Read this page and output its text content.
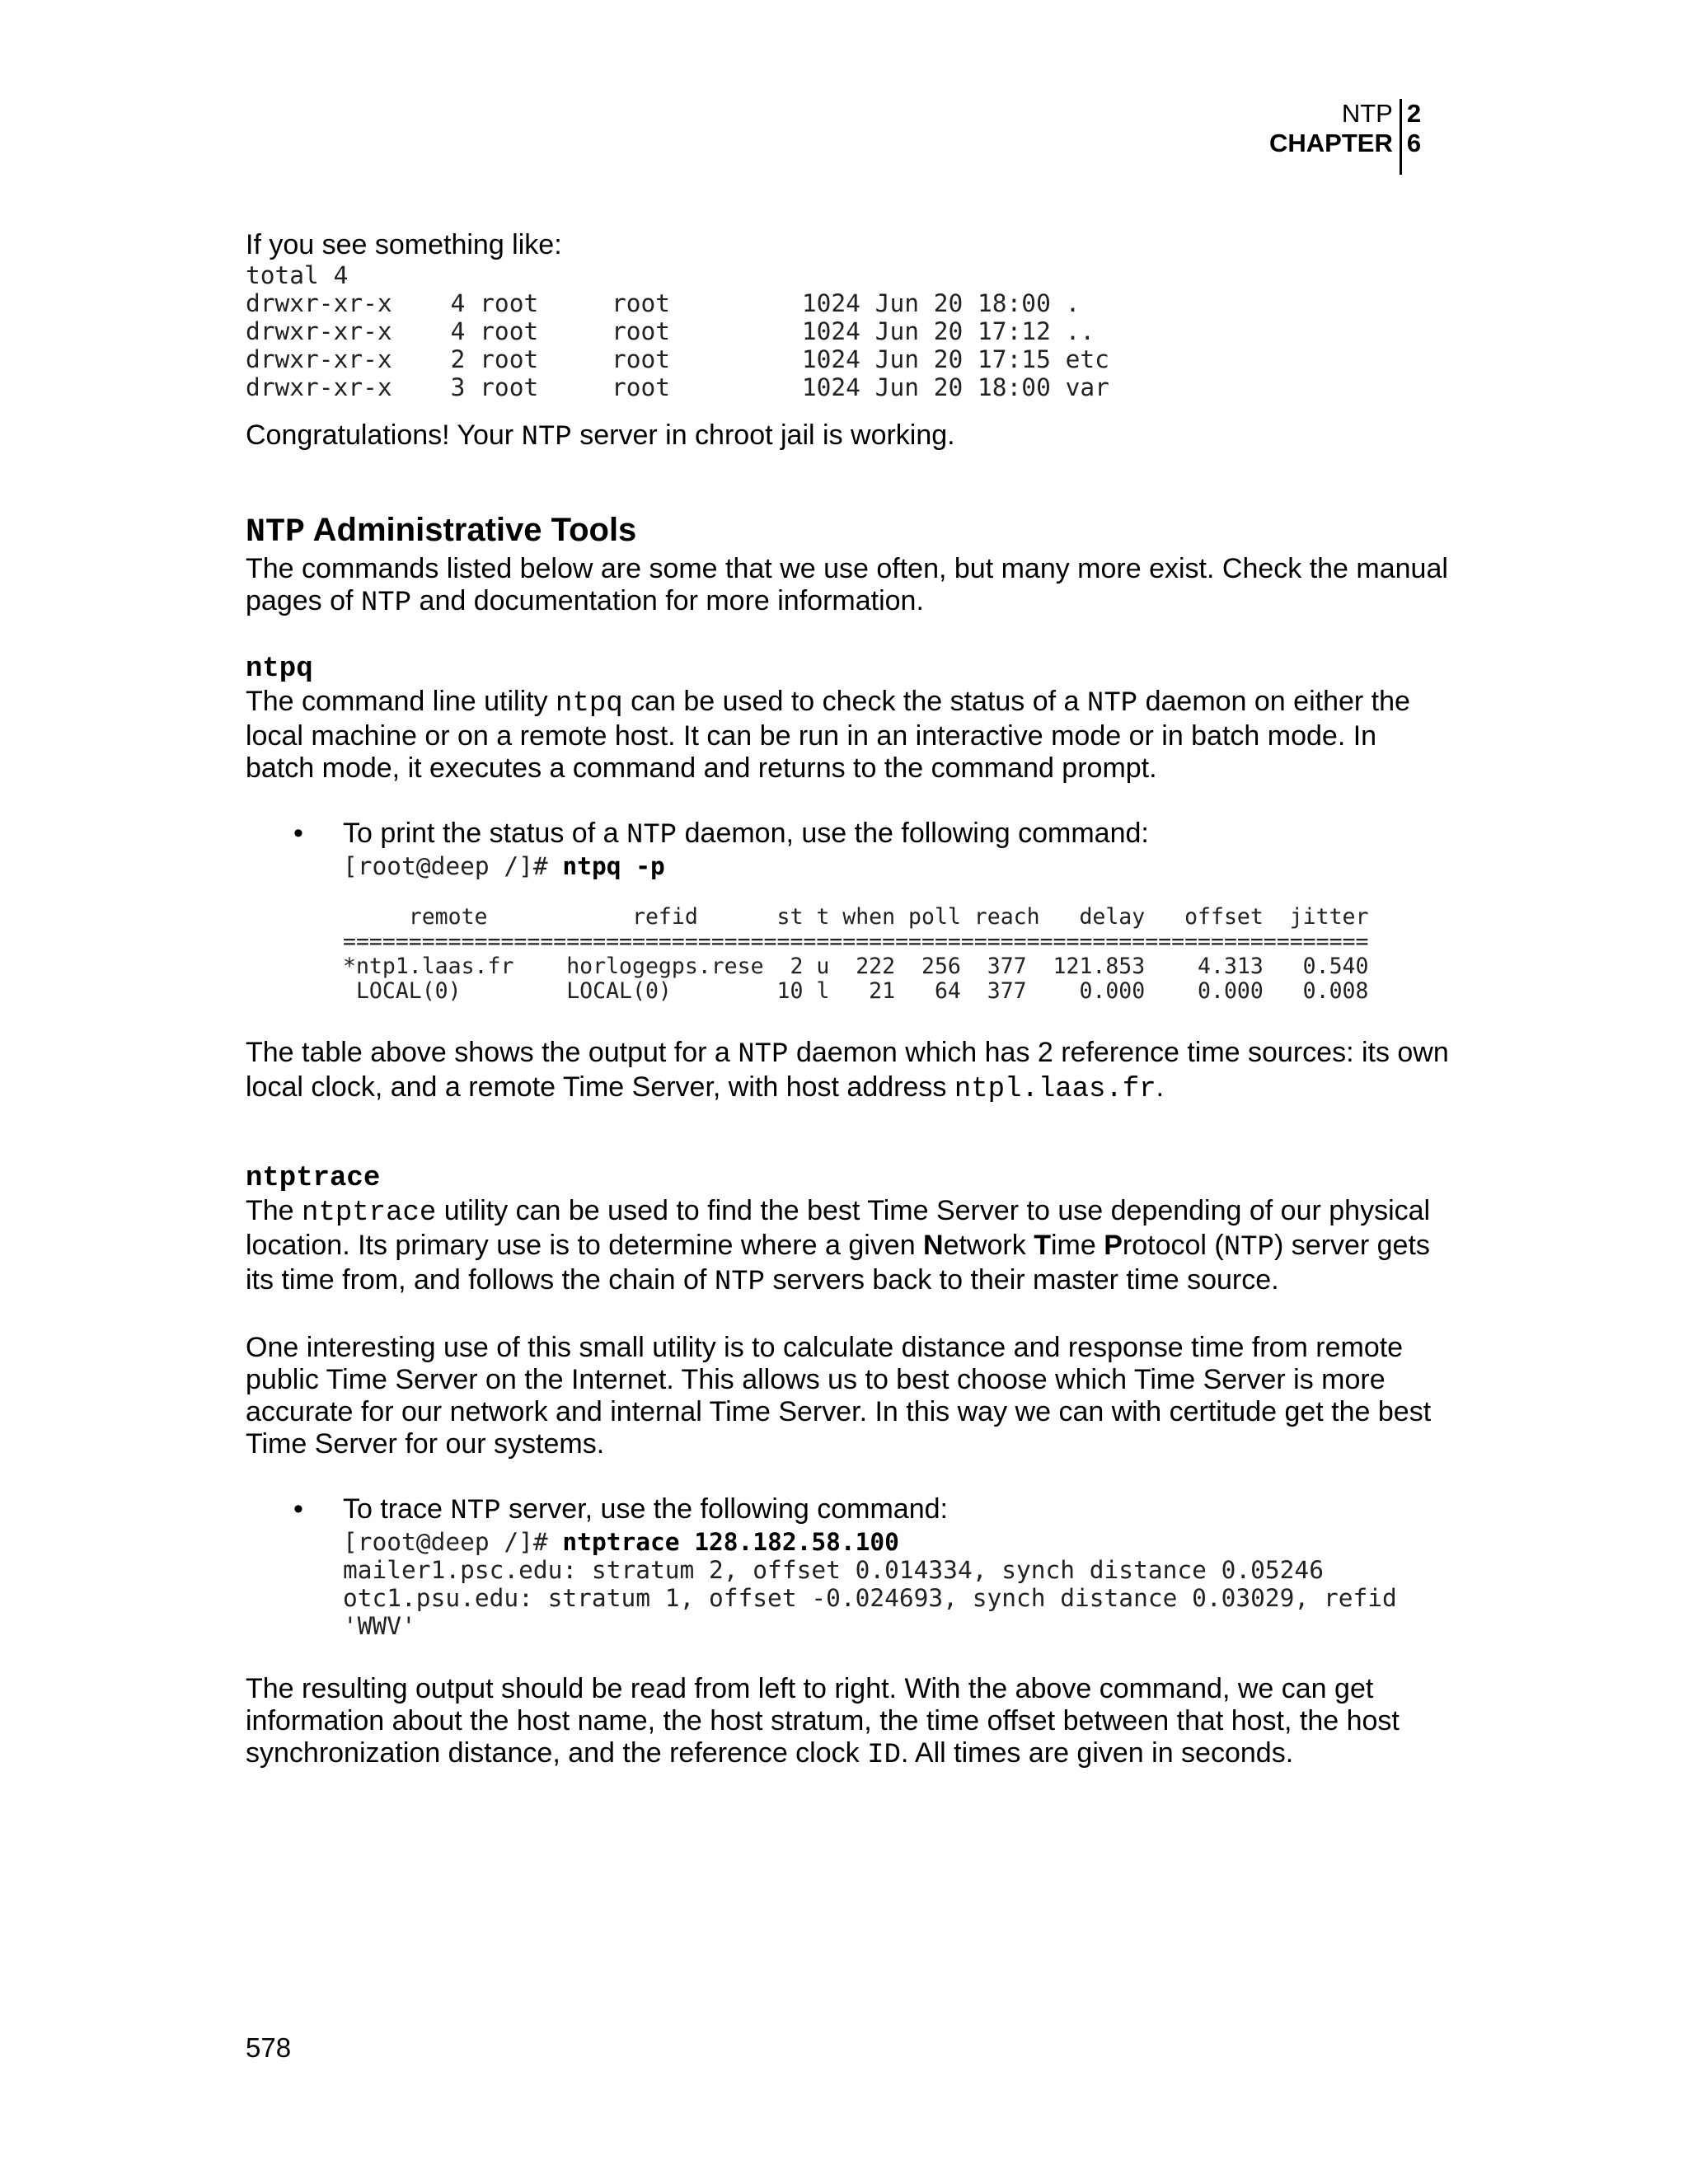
NTP
CHAPTER
2
6

If you see something like:

total 4
drwxr-xr-x    4 root     root         1024 Jun 20 18:00 .
drwxr-xr-x    4 root     root         1024 Jun 20 17:12 ..
drwxr-xr-x    2 root     root         1024 Jun 20 17:15 etc
drwxr-xr-x    3 root     root         1024 Jun 20 18:00 var

Congratulations! Your NTP server in chroot jail is working.

NTP Administrative Tools

The commands listed below are some that we use often, but many more exist. Check the manual pages of NTP and documentation for more information.

ntpq

The command line utility ntpq can be used to check the status of a NTP daemon on either the local machine or on a remote host. It can be run in an interactive mode or in batch mode. In batch mode, it executes a command and returns to the command prompt.

• To print the status of a NTP daemon, use the following command:

[root@deep /]# ntpq -p
remote           refid      st t when poll reach   delay   offset  jitter
==============================================================================
*ntp1.laas.fr    horlogegps.rese  2 u  222  256  377  121.853    4.313   0.540
LOCAL(0)        LOCAL(0)        10 l   21   64  377    0.000    0.000   0.008

The table above shows the output for a NTP daemon which has 2 reference time sources: its own local clock, and a remote Time Server, with host address ntpl.laas.fr.

ntptrace

The ntptrace utility can be used to find the best Time Server to use depending of our physical location. Its primary use is to determine where a given Network Time Protocol (NTP) server gets its time from, and follows the chain of NTP servers back to their master time source.

One interesting use of this small utility is to calculate distance and response time from remote public Time Server on the Internet. This allows us to best choose which Time Server is more accurate for our network and internal Time Server. In this way we can with certitude get the best Time Server for our systems.

• To trace NTP server, use the following command:

[root@deep /]# ntptrace 128.182.58.100
mailer1.psc.edu: stratum 2, offset 0.014334, synch distance 0.05246
otc1.psu.edu: stratum 1, offset -0.024693, synch distance 0.03029, refid
'WWV'

The resulting output should be read from left to right. With the above command, we can get information about the host name, the host stratum, the time offset between that host, the host synchronization distance, and the reference clock ID. All times are given in seconds.

578
